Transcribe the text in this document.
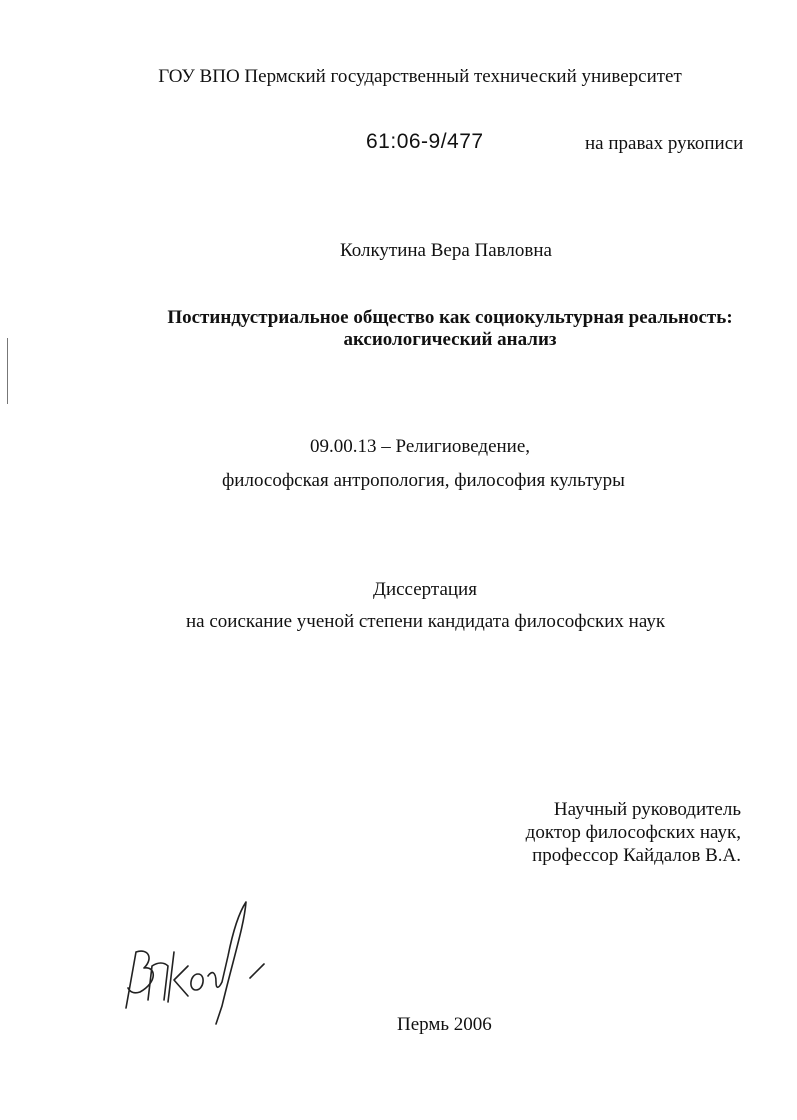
ГОУ ВПО Пермский государственный технический университет
61:06-9/477	на правах рукописи
Колкутина Вера Павловна
Постиндустриальное общество как социокультурная реальность:
аксиологический анализ
09.00.13 – Религиоведение,
философская антропология, философия культуры
Диссертация
на соискание ученой степени кандидата философских наук
Научный руководитель
доктор философских наук,
профессор Кайдалов В.А.
Пермь 2006
